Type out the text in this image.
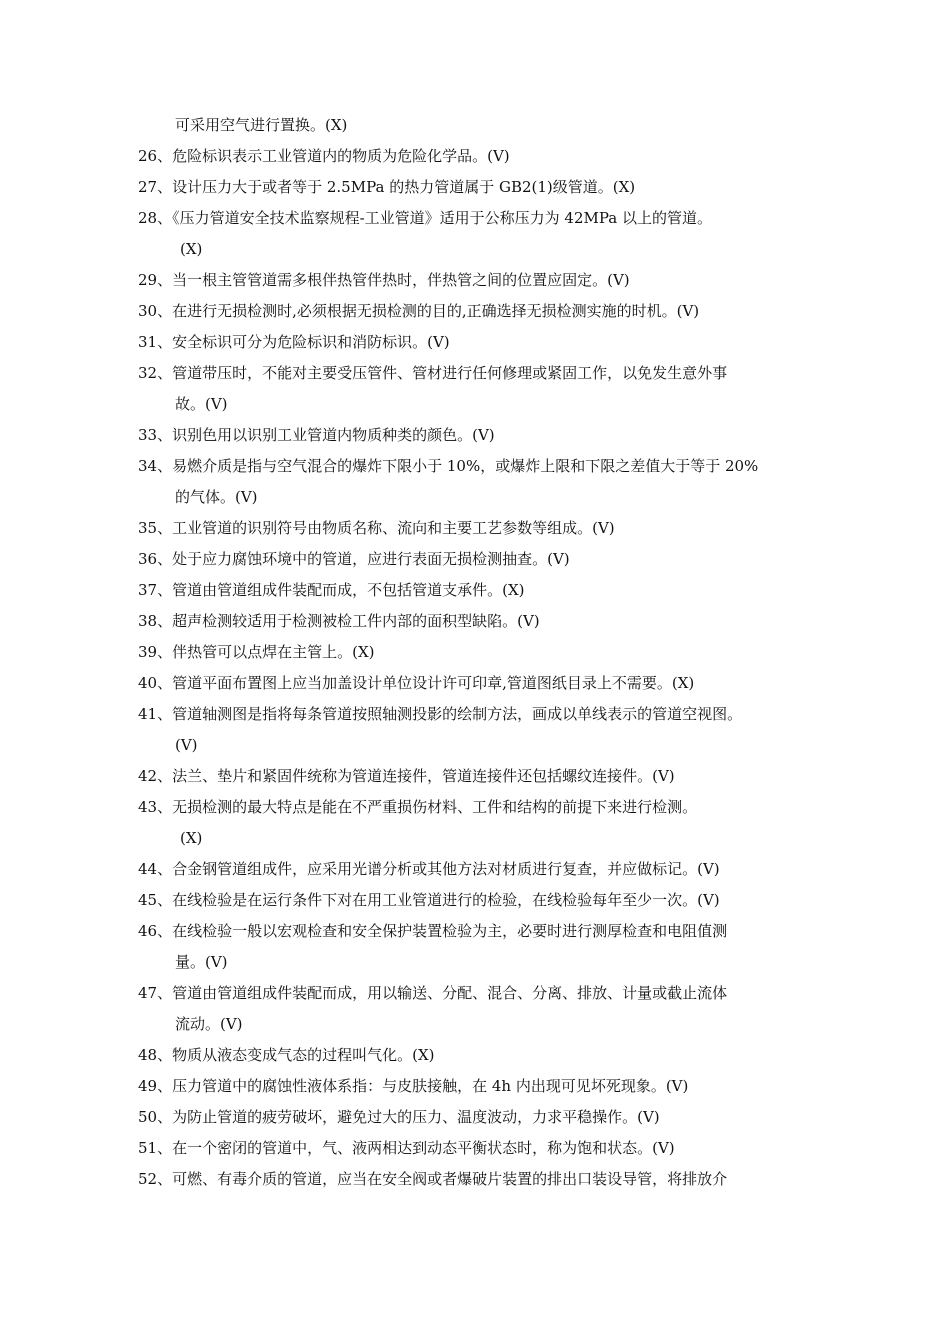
可采用空气进行置换。(X)
26、危险标识表示工业管道内的物质为危险化学品。(V)
27、设计压力大于或者等于 2.5MPa 的热力管道属于 GB2(1)级管道。(X)
28、《压力管道安全技术监察规程-工业管道》适用于公称压力为 42MPa 以上的管道。
(X)
29、当一根主管管道需多根伴热管伴热时，伴热管之间的位置应固定。(V)
30、在进行无损检测时,必须根据无损检测的目的,正确选择无损检测实施的时机。(V)
31、安全标识可分为危险标识和消防标识。(V)
32、管道带压时，不能对主要受压管件、管材进行任何修理或紧固工作，以免发生意外事
故。(V)
33、识别色用以识别工业管道内物质种类的颜色。(V)
34、易燃介质是指与空气混合的爆炸下限小于 10%，或爆炸上限和下限之差值大于等于 20%
的气体。(V)
35、工业管道的识别符号由物质名称、流向和主要工艺参数等组成。(V)
36、处于应力腐蚀环境中的管道，应进行表面无损检测抽查。(V)
37、管道由管道组成件装配而成，不包括管道支承件。(X)
38、超声检测较适用于检测被检工件内部的面积型缺陷。(V)
39、伴热管可以点焊在主管上。(X)
40、管道平面布置图上应当加盖设计单位设计许可印章,管道图纸目录上不需要。(X)
41、管道轴测图是指将每条管道按照轴测投影的绘制方法，画成以单线表示的管道空视图。
(V)
42、法兰、垫片和紧固件统称为管道连接件，管道连接件还包括螺纹连接件。(V)
43、无损检测的最大特点是能在不严重损伤材料、工件和结构的前提下来进行检测。
(X)
44、合金钢管道组成件，应采用光谱分析或其他方法对材质进行复查，并应做标记。(V)
45、在线检验是在运行条件下对在用工业管道进行的检验，在线检验每年至少一次。(V)
46、在线检验一般以宏观检查和安全保护装置检验为主，必要时进行测厚检查和电阻值测
量。(V)
47、管道由管道组成件装配而成，用以输送、分配、混合、分离、排放、计量或截止流体
流动。(V)
48、物质从液态变成气态的过程叫气化。(X)
49、压力管道中的腐蚀性液体系指：与皮肤接触，在 4h 内出现可见坏死现象。(V)
50、为防止管道的疲劳破坏，避免过大的压力、温度波动，力求平稳操作。(V)
51、在一个密闭的管道中，气、液两相达到动态平衡状态时，称为饱和状态。(V)
52、可燃、有毒介质的管道，应当在安全阀或者爆破片装置的排出口装设导管，将排放介
